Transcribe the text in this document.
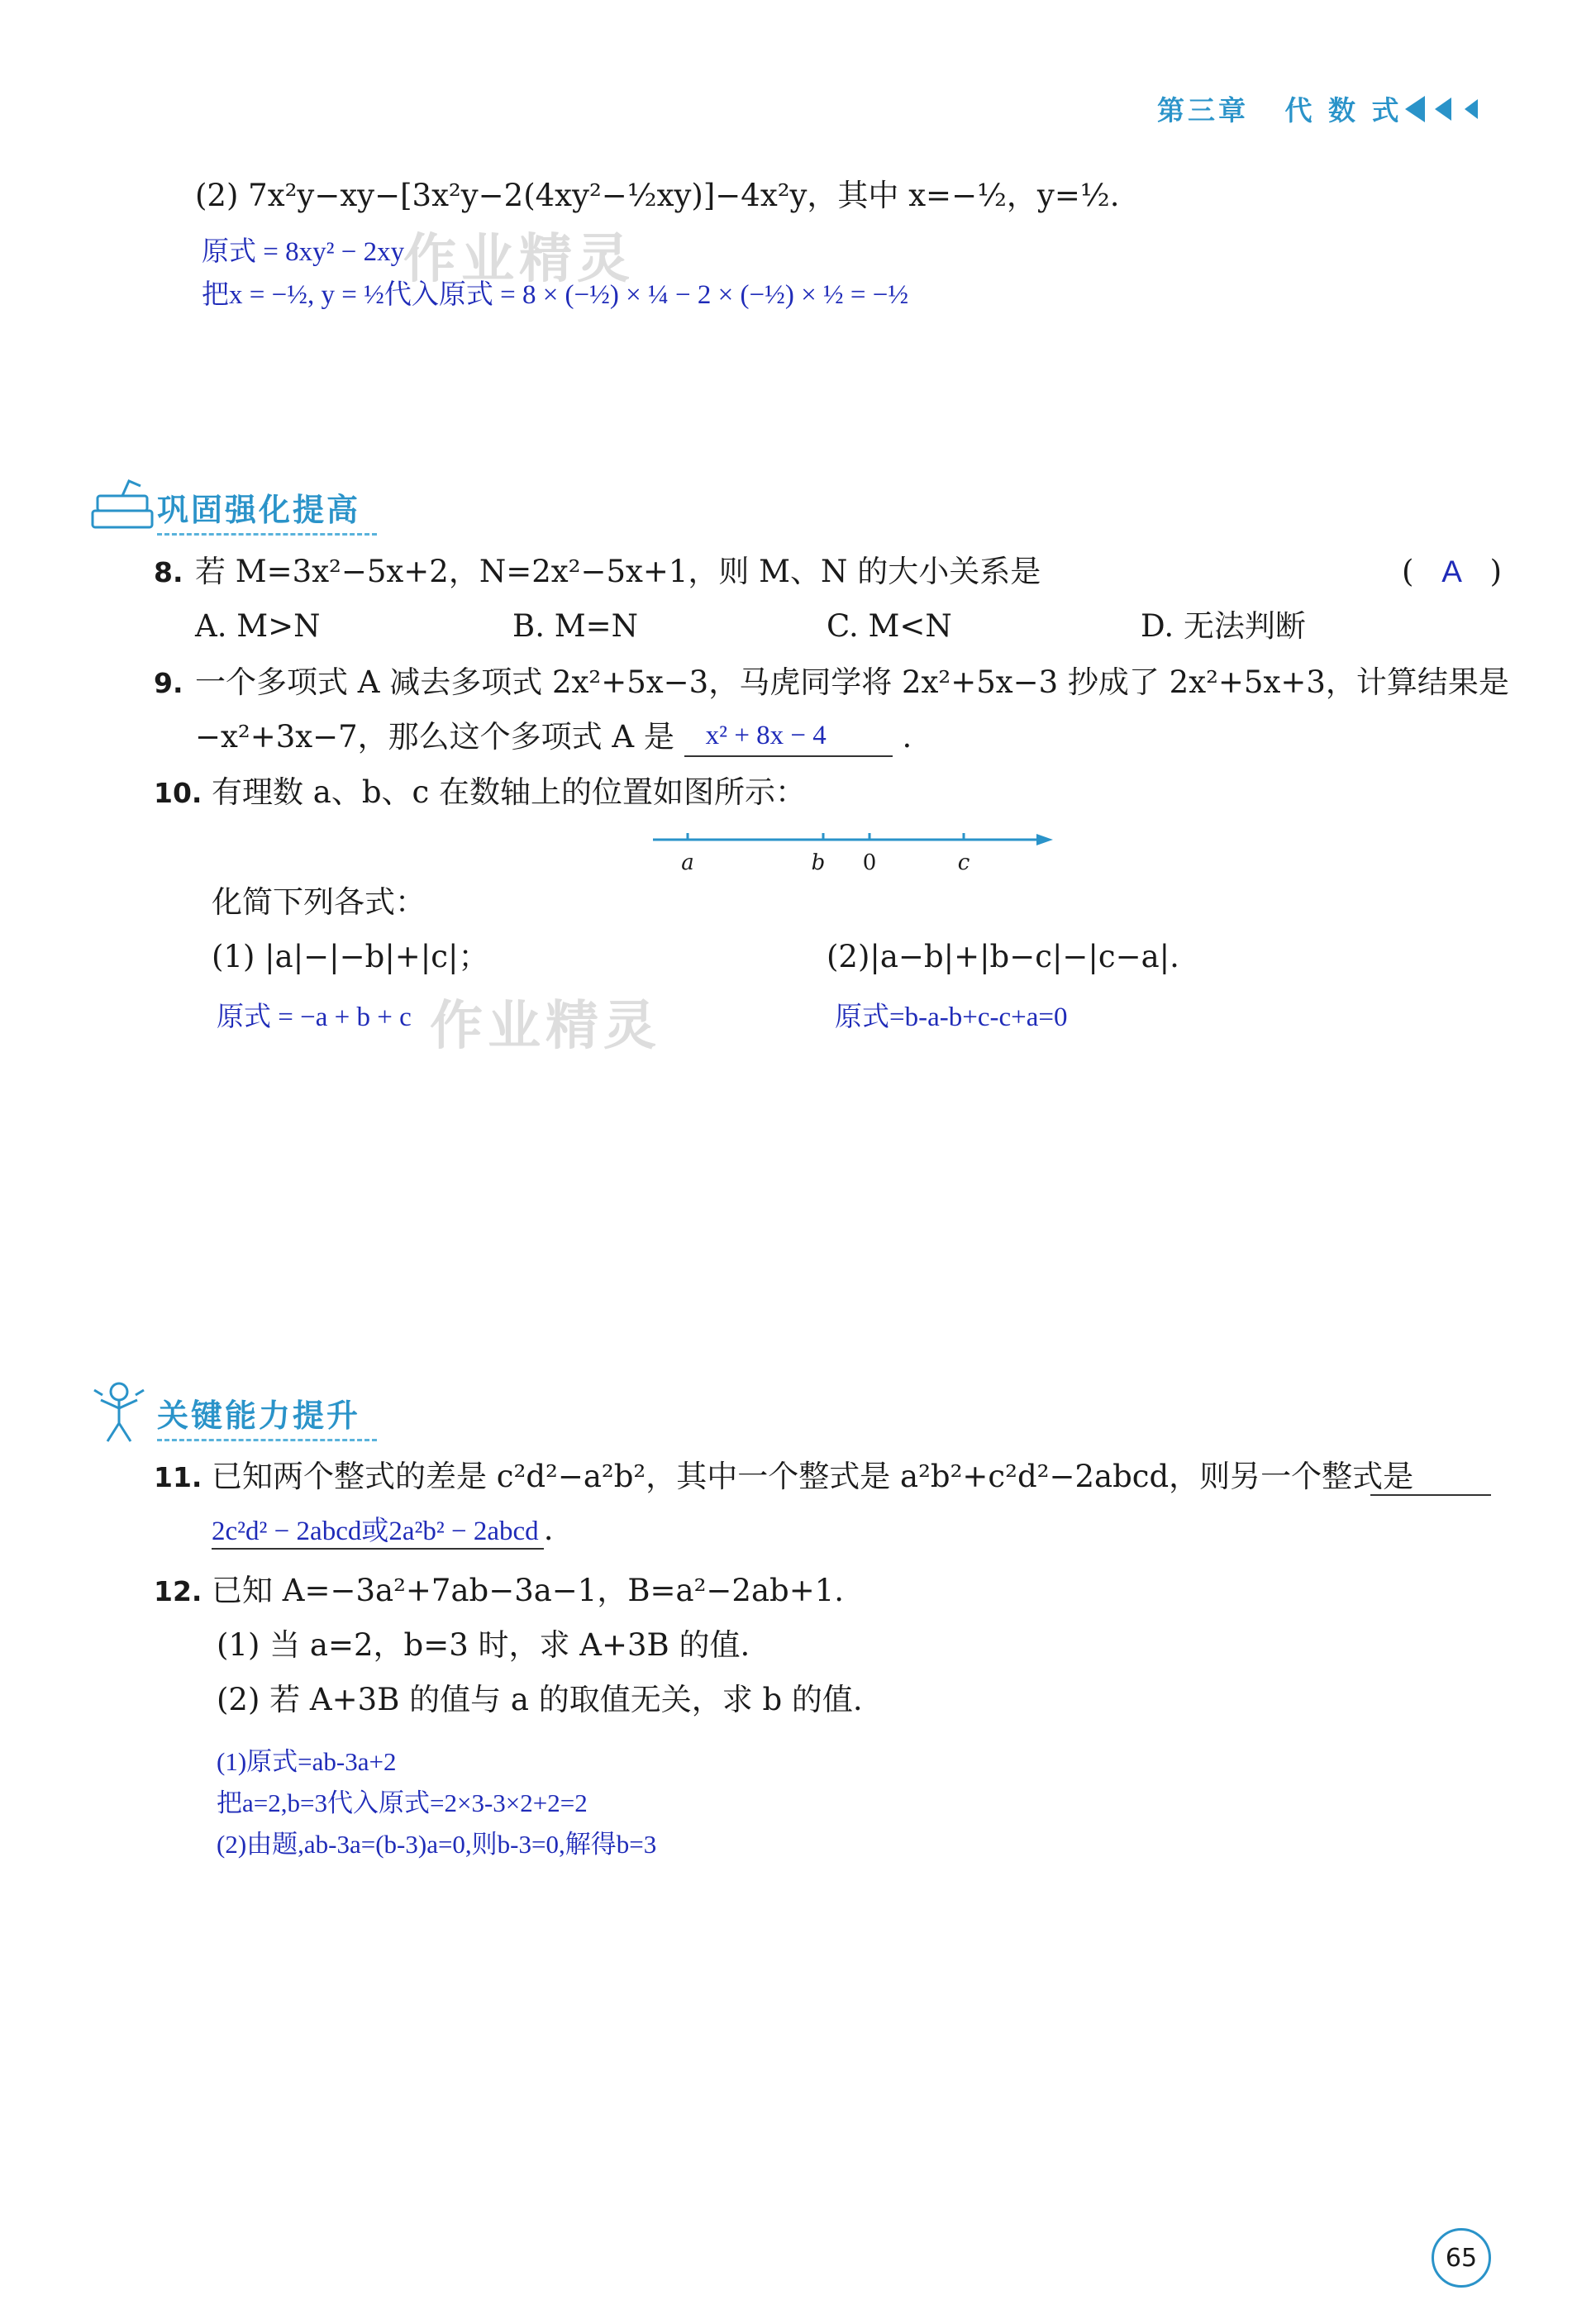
第三章 代 数 式
(2) 7x²y−xy−[3x²y−2(4xy²−½xy)]−4x²y，其中 x=−½，y=½.
原式 = 8xy² − 2xy
把x = −½, y = ½代入原式 = 8 × (−½) × ¼ − 2 × (−½) × ½ = −½
作业精灵
巩固强化提高
8. 若 M=3x²−5x+2，N=2x²−5x+1，则 M、N 的大小关系是	( A )
A. M>N	B. M=N	C. M<N	D. 无法判断
9. 一个多项式 A 减去多项式 2x²+5x−3，马虎同学将 2x²+5x−3 抄成了 2x²+5x+3，计算结果是
−x²+3x−7，那么这个多项式 A 是 x² + 8x − 4 .
10. 有理数 a、b、c 在数轴上的位置如图所示：
a	b 0	c
化简下列各式：
(1) |a|−|−b|+|c|；	(2)|a−b|+|b−c|−|c−a|.
原式 = −a + b + c	原式=b-a-b+c-c+a=0
作业精灵
关键能力提升
11. 已知两个整式的差是 c²d²−a²b²，其中一个整式是 a²b²+c²d²−2abcd，则另一个整式是
2c²d² − 2abcd或2a²b² − 2abcd .
12. 已知 A=−3a²+7ab−3a−1，B=a²−2ab+1.
(1) 当 a=2，b=3 时，求 A+3B 的值.
(2) 若 A+3B 的值与 a 的取值无关，求 b 的值.
(1)原式=ab-3a+2
把a=2,b=3代入原式=2×3-3×2+2=2
(2)由题,ab-3a=(b-3)a=0,则b-3=0,解得b=3
65
